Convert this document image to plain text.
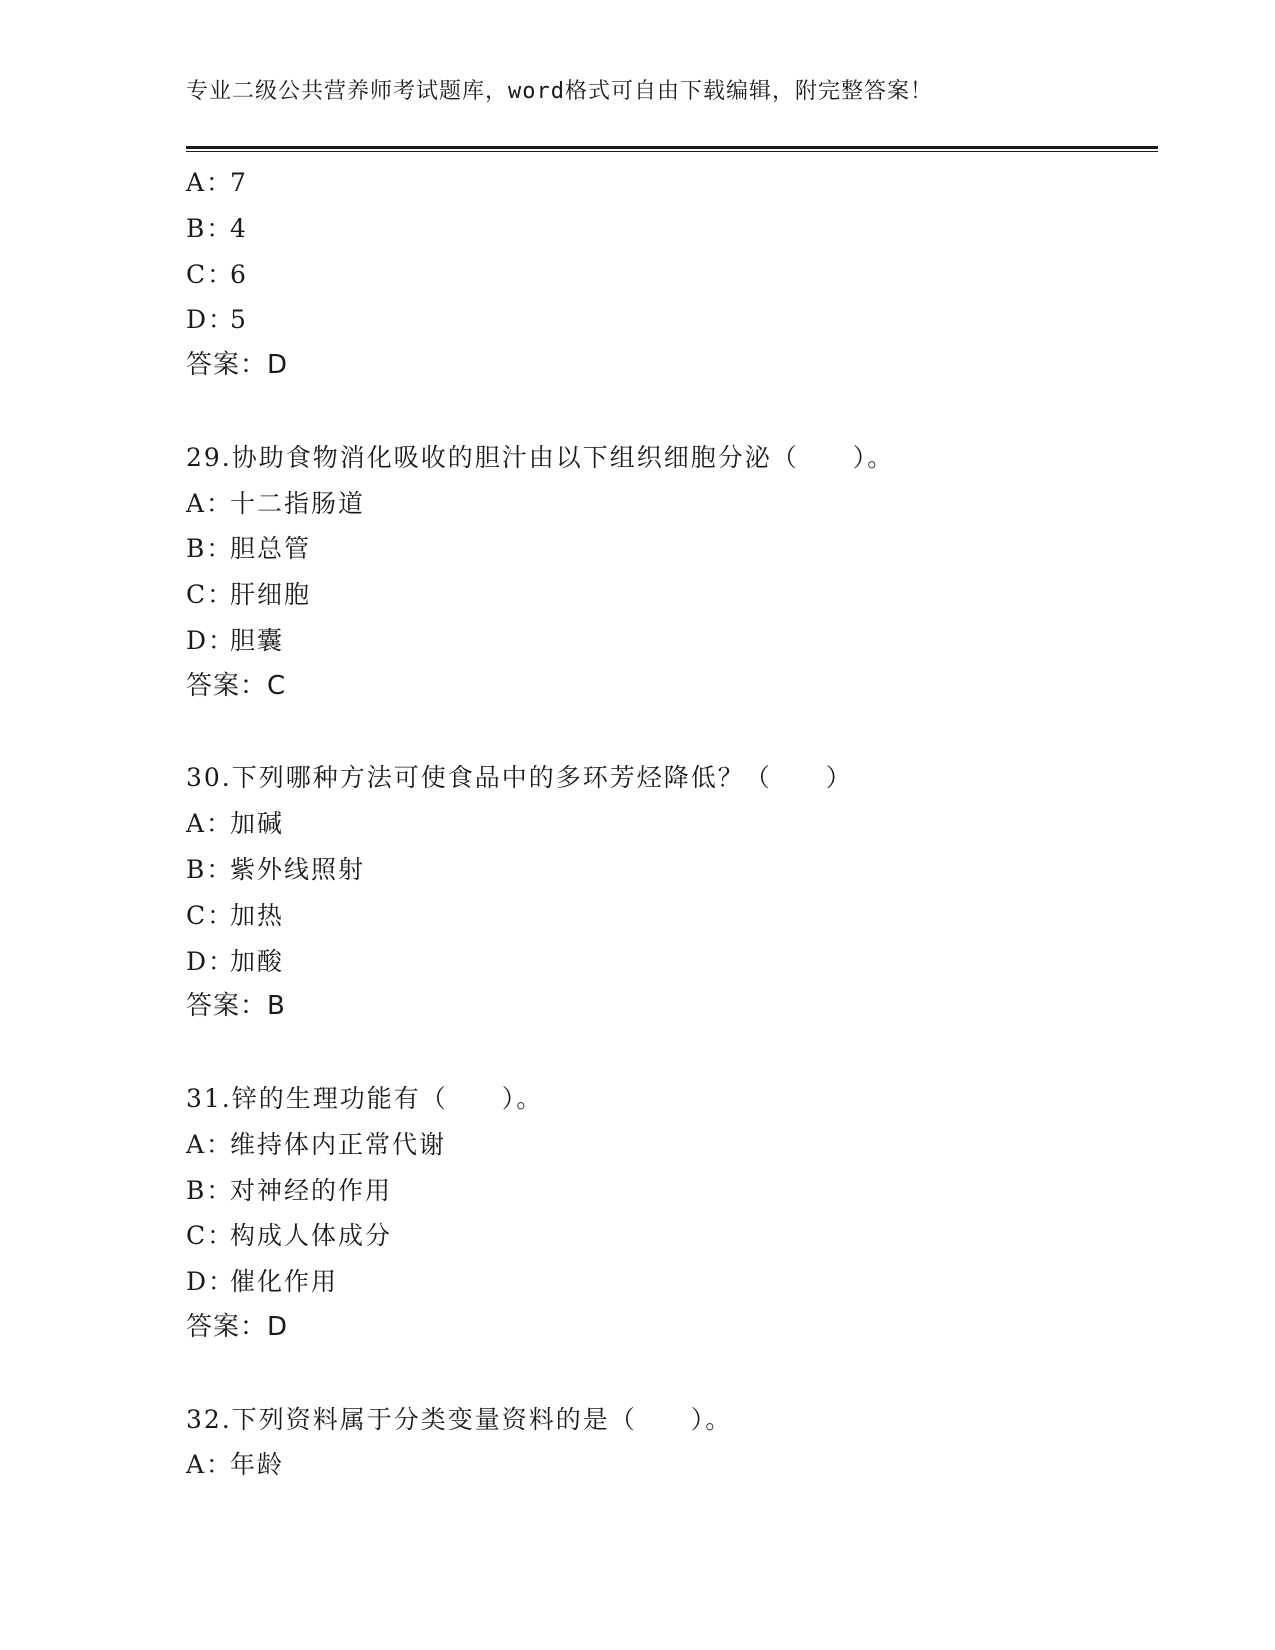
专业二级公共营养师考试题库，word格式可自由下载编辑，附完整答案！
A：7
B：4
C：6
D：5
答案：D
29.协助食物消化吸收的胆汁由以下组织细胞分泌（　　）。
A：十二指肠道
B：胆总管
C：肝细胞
D：胆囊
答案：C
30.下列哪种方法可使食品中的多环芳烃降低？（　　）
A：加碱
B：紫外线照射
C：加热
D：加酸
答案：B
31.锌的生理功能有（　　）。
A：维持体内正常代谢
B：对神经的作用
C：构成人体成分
D：催化作用
答案：D
32.下列资料属于分类变量资料的是（　　）。
A：年龄
